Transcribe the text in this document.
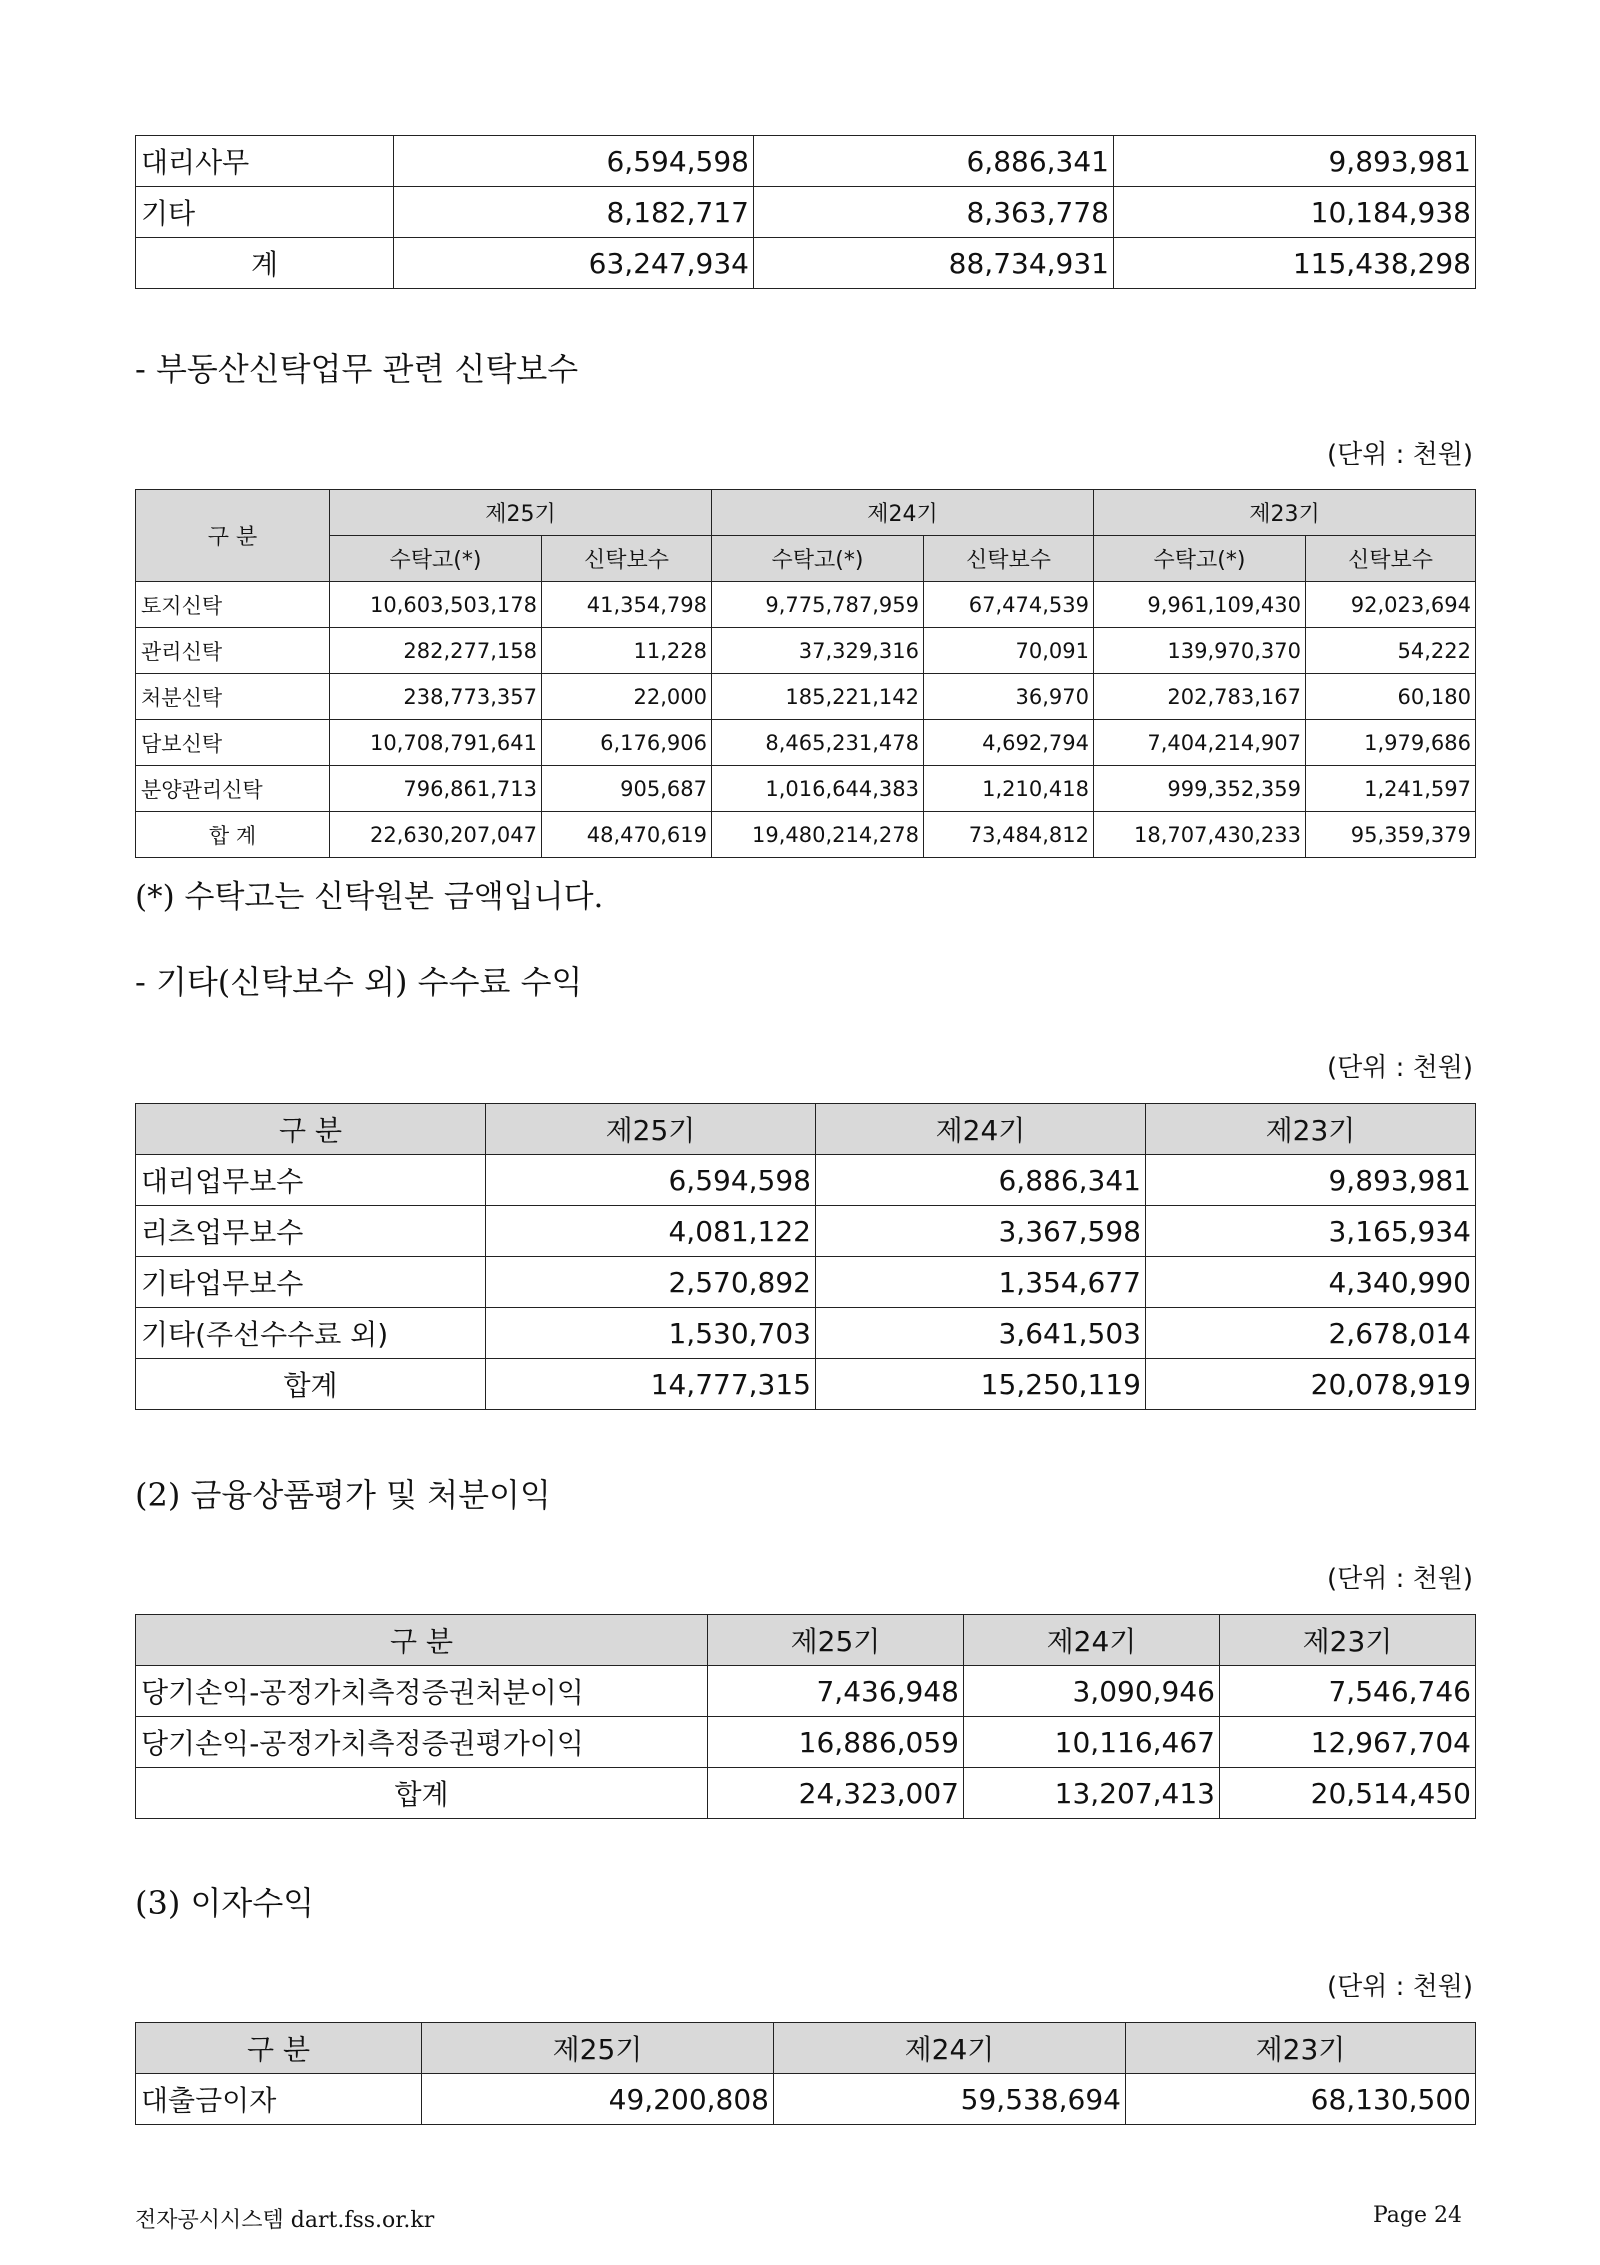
대리사무	6,594,598	6,886,341	9,893,981
기타	8,182,717	8,363,778	10,184,938
계	63,247,934	88,734,931	115,438,298
- 부동산신탁업무 관련 신탁보수
(단위 : 천원)
구 분	제25기		제24기		제23기	
	수탁고(*)	신탁보수	수탁고(*)	신탁보수	수탁고(*)	신탁보수
토지신탁	10,603,503,178	41,354,798	9,775,787,959	67,474,539	9,961,109,430	92,023,694
관리신탁	282,277,158	11,228	37,329,316	70,091	139,970,370	54,222
처분신탁	238,773,357	22,000	185,221,142	36,970	202,783,167	60,180
담보신탁	10,708,791,641	6,176,906	8,465,231,478	4,692,794	7,404,214,907	1,979,686
분양관리신탁	796,861,713	905,687	1,016,644,383	1,210,418	999,352,359	1,241,597
합 계	22,630,207,047	48,470,619	19,480,214,278	73,484,812	18,707,430,233	95,359,379
(*) 수탁고는 신탁원본 금액입니다.
- 기타(신탁보수 외) 수수료 수익
(단위 : 천원)
구 분	제25기	제24기	제23기
대리업무보수	6,594,598	6,886,341	9,893,981
리츠업무보수	4,081,122	3,367,598	3,165,934
기타업무보수	2,570,892	1,354,677	4,340,990
기타(주선수수료 외)	1,530,703	3,641,503	2,678,014
합계	14,777,315	15,250,119	20,078,919
(2) 금융상품평가 및 처분이익
(단위 : 천원)
구 분	제25기	제24기	제23기
당기손익-공정가치측정증권처분이익	7,436,948	3,090,946	7,546,746
당기손익-공정가치측정증권평가이익	16,886,059	10,116,467	12,967,704
합계	24,323,007	13,207,413	20,514,450
(3) 이자수익
(단위 : 천원)
구 분	제25기	제24기	제23기
대출금이자	49,200,808	59,538,694	68,130,500
전자공시시스템 dart.fss.or.kr	Page 24
